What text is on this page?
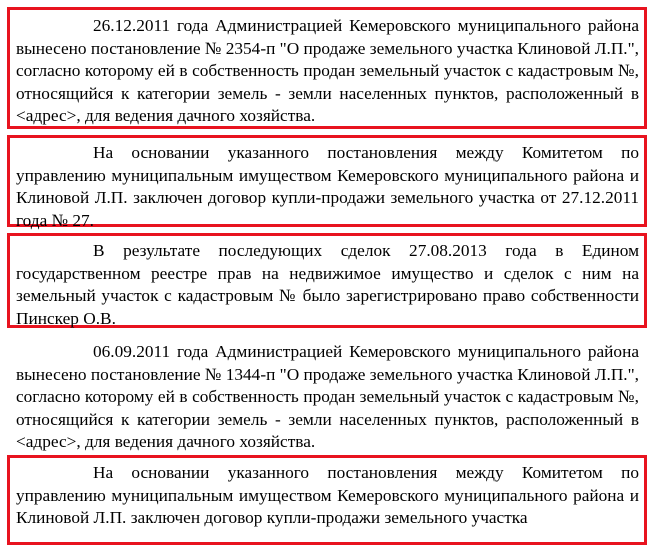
26.12.2011 года Администрацией Кемеровского муниципального района вынесено постановление № 2354-п "О продаже земельного участка Клиновой Л.П.", согласно которому ей в собственность продан земельный участок с кадастровым №, относящийся к категории земель - земли населенных пунктов, расположенный в <адрес>, для ведения дачного хозяйства.
На основании указанного постановления между Комитетом по управлению муниципальным имуществом Кемеровского муниципального района и Клиновой Л.П. заключен договор купли-продажи земельного участка от 27.12.2011 года № 27.
В результате последующих сделок 27.08.2013 года в Едином государственном реестре прав на недвижимое имущество и сделок с ним на земельный участок с кадастровым № было зарегистрировано право собственности Пинскер О.В.
06.09.2011 года Администрацией Кемеровского муниципального района вынесено постановление № 1344-п "О продаже земельного участка Клиновой Л.П.", согласно которому ей в собственность продан земельный участок с кадастровым №, относящийся к категории земель - земли населенных пунктов, расположенный в <адрес>, для ведения дачного хозяйства.
На основании указанного постановления между Комитетом по управлению муниципальным имуществом Кемеровского муниципального района и Клиновой Л.П. заключен договор купли-продажи земельного участка
